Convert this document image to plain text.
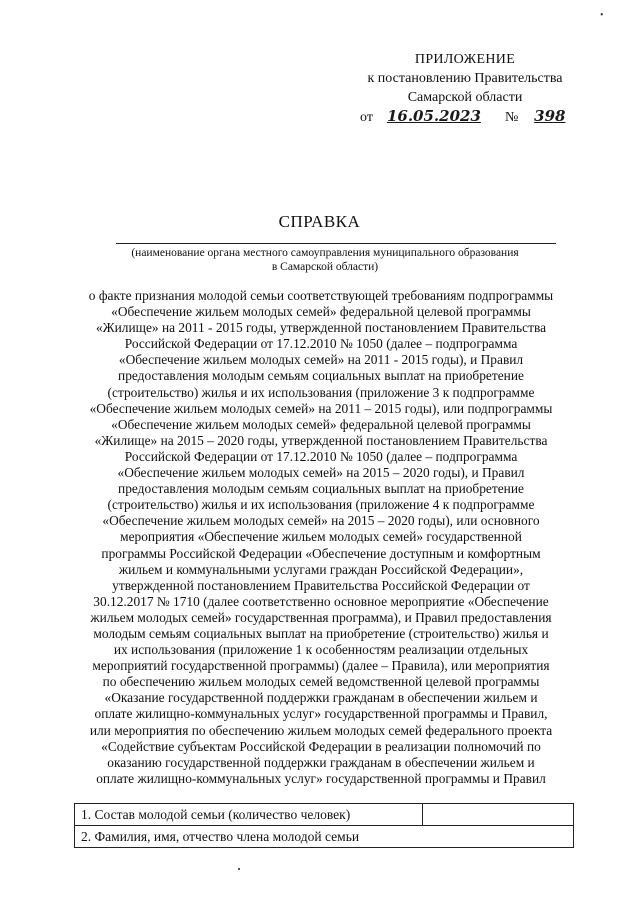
•
ПРИЛОЖЕНИЕ
к постановлению Правительства
Самарской области
от 16.05.2023 № 398
СПРАВКА
(наименование органа местного самоуправления муниципального образования
в Самарской области)
о факте признания молодой семьи соответствующей требованиям подпрограммы
«Обеспечение жильем молодых семей» федеральной целевой программы
«Жилище» на 2011 - 2015 годы, утвержденной постановлением Правительства
Российской Федерации от 17.12.2010 № 1050 (далее – подпрограмма
«Обеспечение жильем молодых семей» на 2011 - 2015 годы), и Правил
предоставления молодым семьям социальных выплат на приобретение
(строительство) жилья и их использования (приложение 3 к подпрограмме
«Обеспечение жильем молодых семей» на 2011 – 2015 годы), или подпрограммы
«Обеспечение жильем молодых семей» федеральной целевой программы
«Жилище» на 2015 – 2020 годы, утвержденной постановлением Правительства
Российской Федерации от 17.12.2010 № 1050 (далее – подпрограмма
«Обеспечение жильем молодых семей» на 2015 – 2020 годы), и Правил
предоставления молодым семьям социальных выплат на приобретение
(строительство) жилья и их использования (приложение 4 к подпрограмме
«Обеспечение жильем молодых семей» на 2015 – 2020 годы), или основного
мероприятия «Обеспечение жильем молодых семей» государственной
программы Российской Федерации «Обеспечение доступным и комфортным
жильем и коммунальными услугами граждан Российской Федерации»,
утвержденной постановлением Правительства Российской Федерации от
30.12.2017 № 1710 (далее соответственно основное мероприятие «Обеспечение
жильем молодых семей» государственная программа), и Правил предоставления
молодым семьям социальных выплат на приобретение (строительство) жилья и
их использования (приложение 1 к особенностям реализации отдельных
мероприятий государственной программы) (далее – Правила), или мероприятия
по обеспечению жильем молодых семей ведомственной целевой программы
«Оказание государственной поддержки гражданам в обеспечении жильем и
оплате жилищно-коммунальных услуг» государственной программы и Правил,
или мероприятия по обеспечению жильем молодых семей федерального проекта
«Содействие субъектам Российской Федерации в реализации полномочий по
оказанию государственной поддержки гражданам в обеспечении жильем и
оплате жилищно-коммунальных услуг» государственной программы и Правил
1. Состав молодой семьи (количество человек)	
2. Фамилия, имя, отчество члена молодой семьи
